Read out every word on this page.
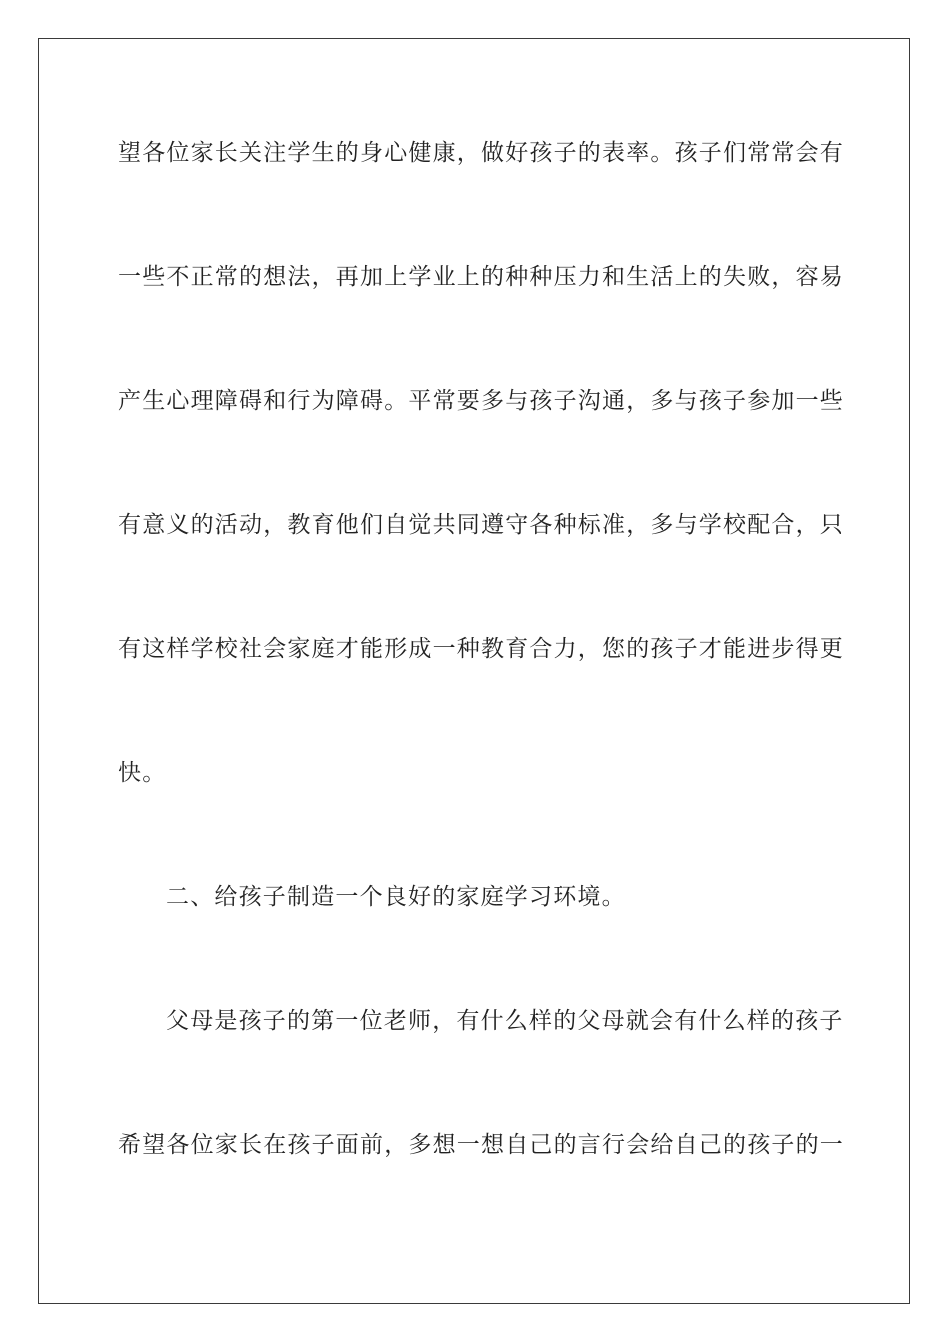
望各位家长关注学生的身心健康，做好孩子的表率。孩子们常常会有
一些不正常的想法，再加上学业上的种种压力和生活上的失败，容易
产生心理障碍和行为障碍。平常要多与孩子沟通，多与孩子参加一些
有意义的活动，教育他们自觉共同遵守各种标准，多与学校配合，只
有这样学校社会家庭才能形成一种教育合力，您的孩子才能进步得更
快。
二、给孩子制造一个良好的家庭学习环境。
父母是孩子的第一位老师，有什么样的父母就会有什么样的孩子
希望各位家长在孩子面前，多想一想自己的言行会给自己的孩子的一
